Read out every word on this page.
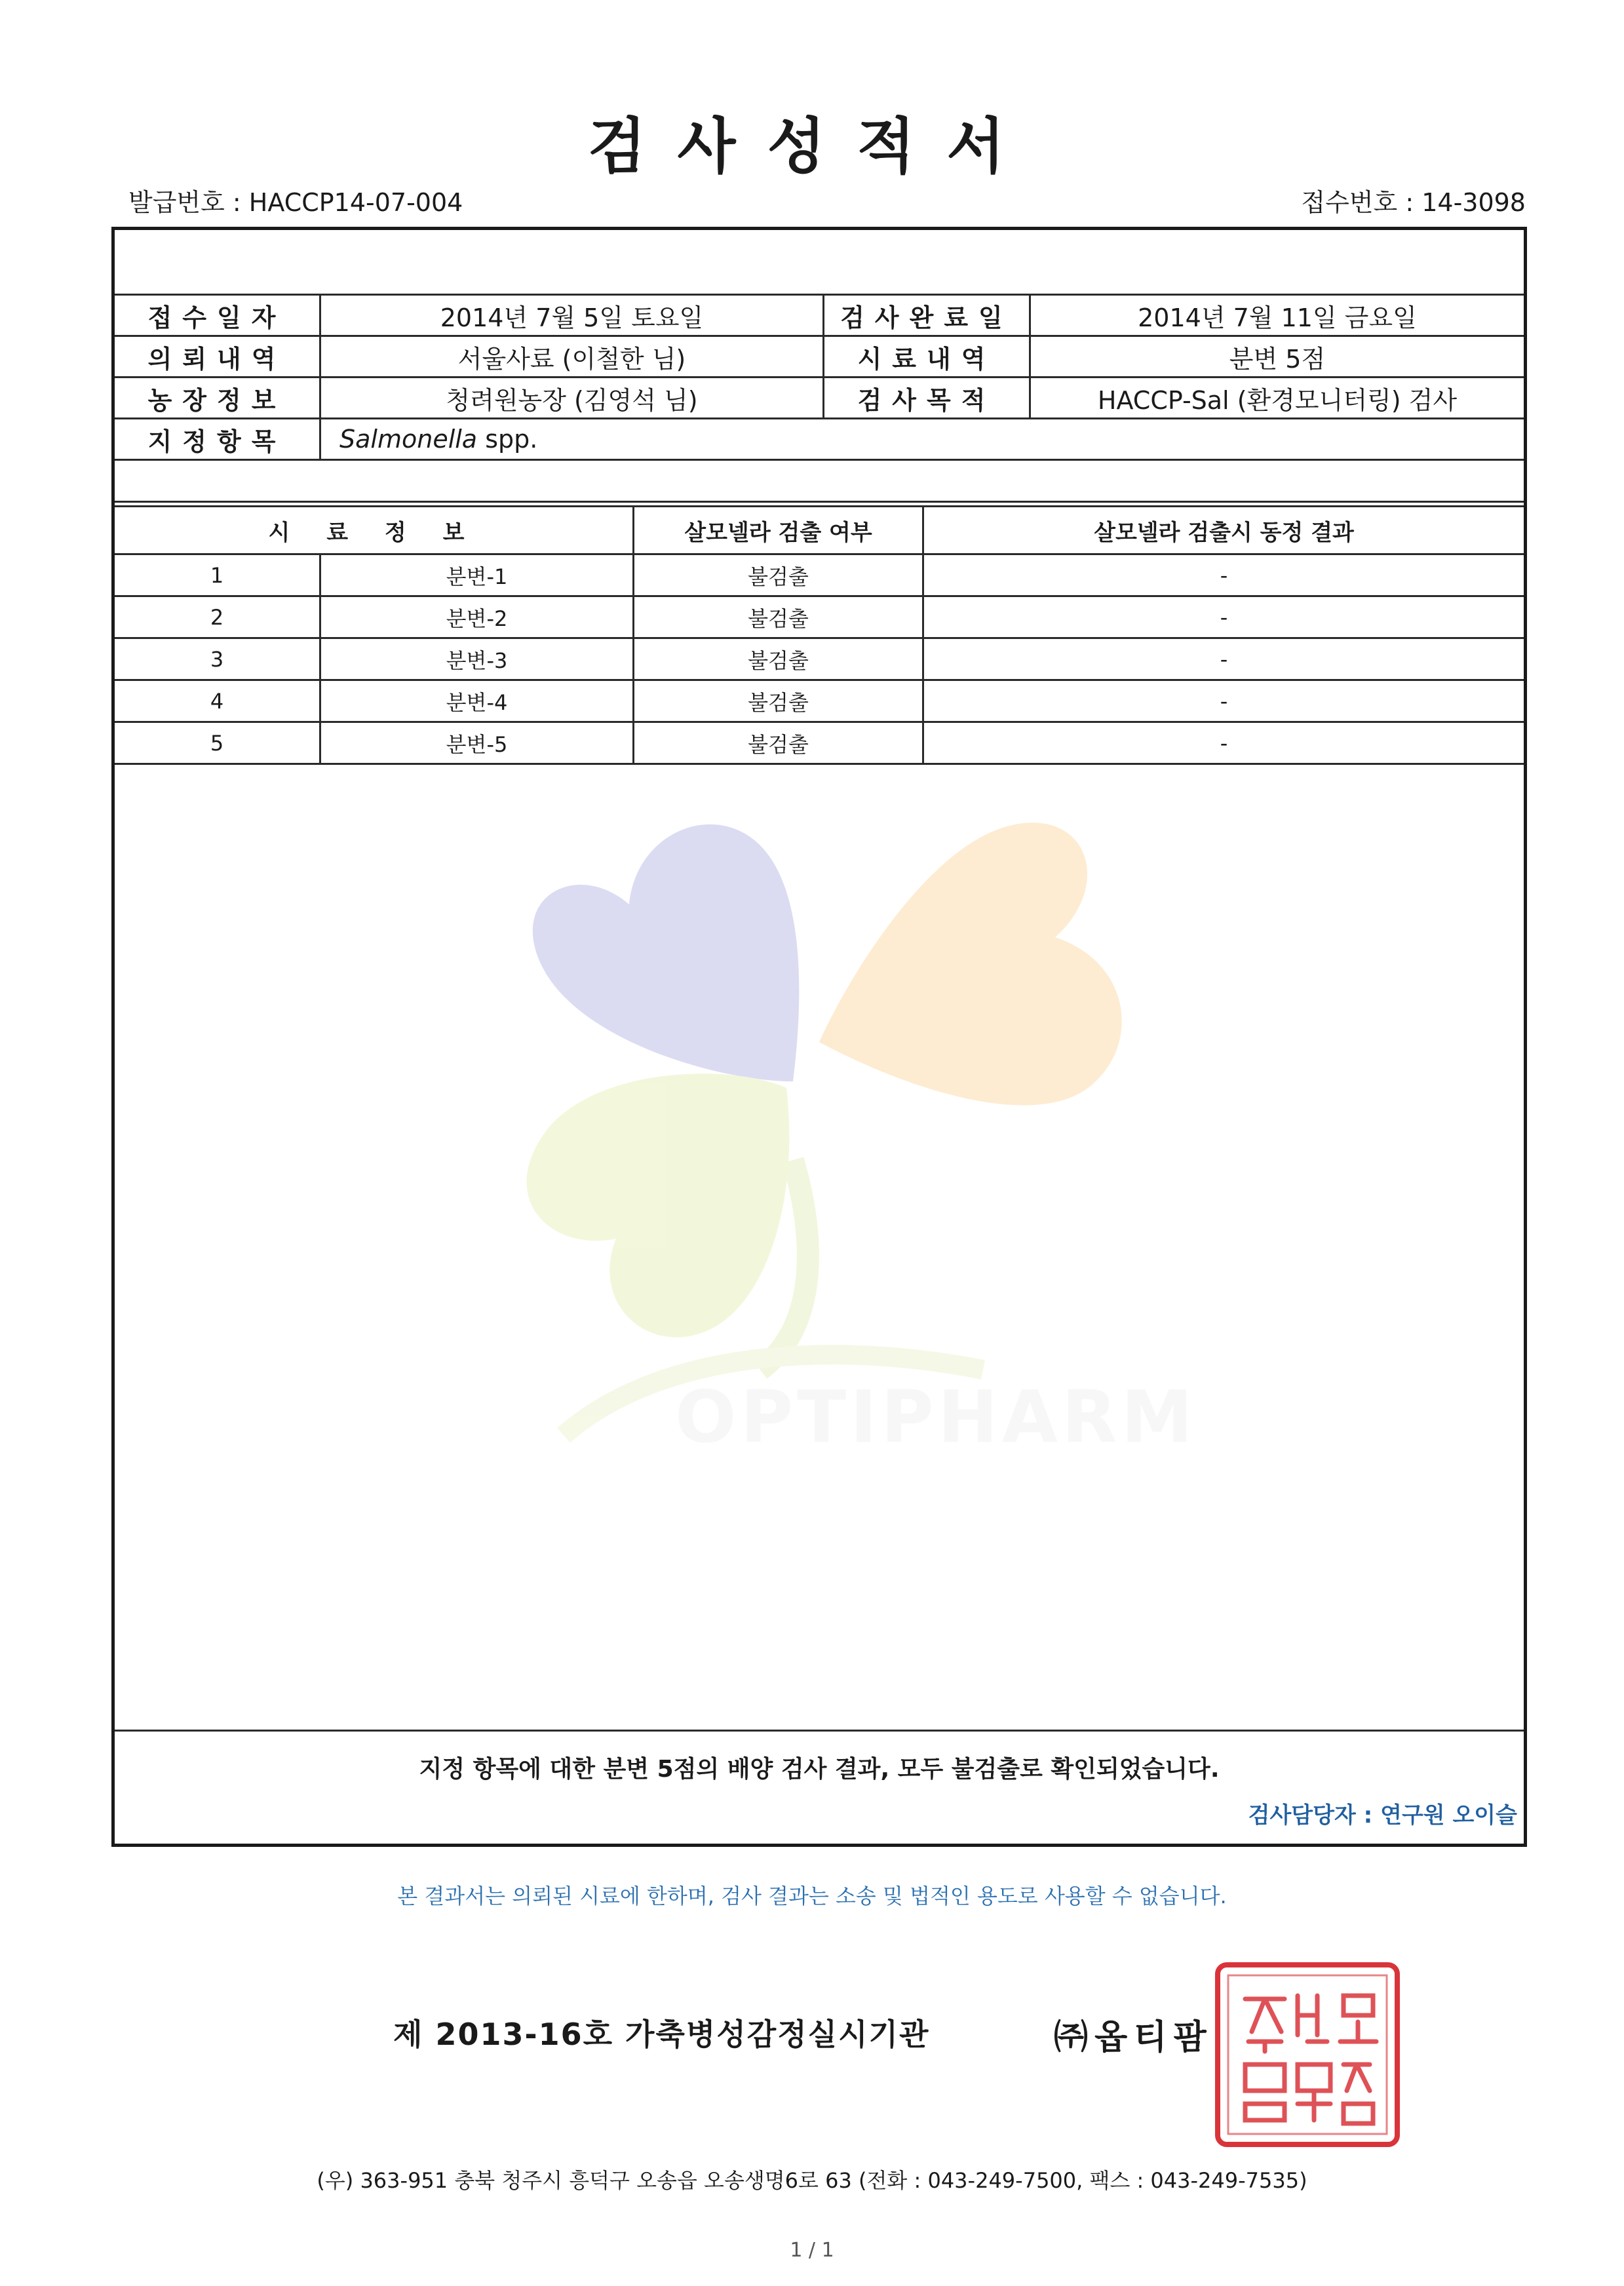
검사성적서
발급번호 : HACCP14-07-004	접수번호 : 14-3098
OPTIPHARM
접수일자	2014년 7월 5일 토요일	검사완료일	2014년 7월 11일 금요일
의뢰내역	서울사료 (이철한 님)	시료내역	분변 5점
농장정보	청려원농장 (김영석 님)	검사목적	HACCP-Sal (환경모니터링) 검사
지정항목	Salmonella spp.
시 료 정 보	살모넬라 검출 여부	살모넬라 검출시 동정 결과
1	분변-1	불검출	-
2	분변-2	불검출	-
3	분변-3	불검출	-
4	분변-4	불검출	-
5	분변-5	불검출	-
지정 항목에 대한 분변 5점의 배양 검사 결과, 모두 불검출로 확인되었습니다.
검사담당자 : 연구원 오이슬
본 결과서는 의뢰된 시료에 한하며, 검사 결과는 소송 및 법적인 용도로 사용할 수 없습니다.
제 2013-16호 가축병성감정실시기관	㈜옵티팜
(우) 363-951 충북 청주시 흥덕구 오송읍 오송생명6로 63 (전화 : 043-249-7500, 팩스 : 043-249-7535)
1 / 1
